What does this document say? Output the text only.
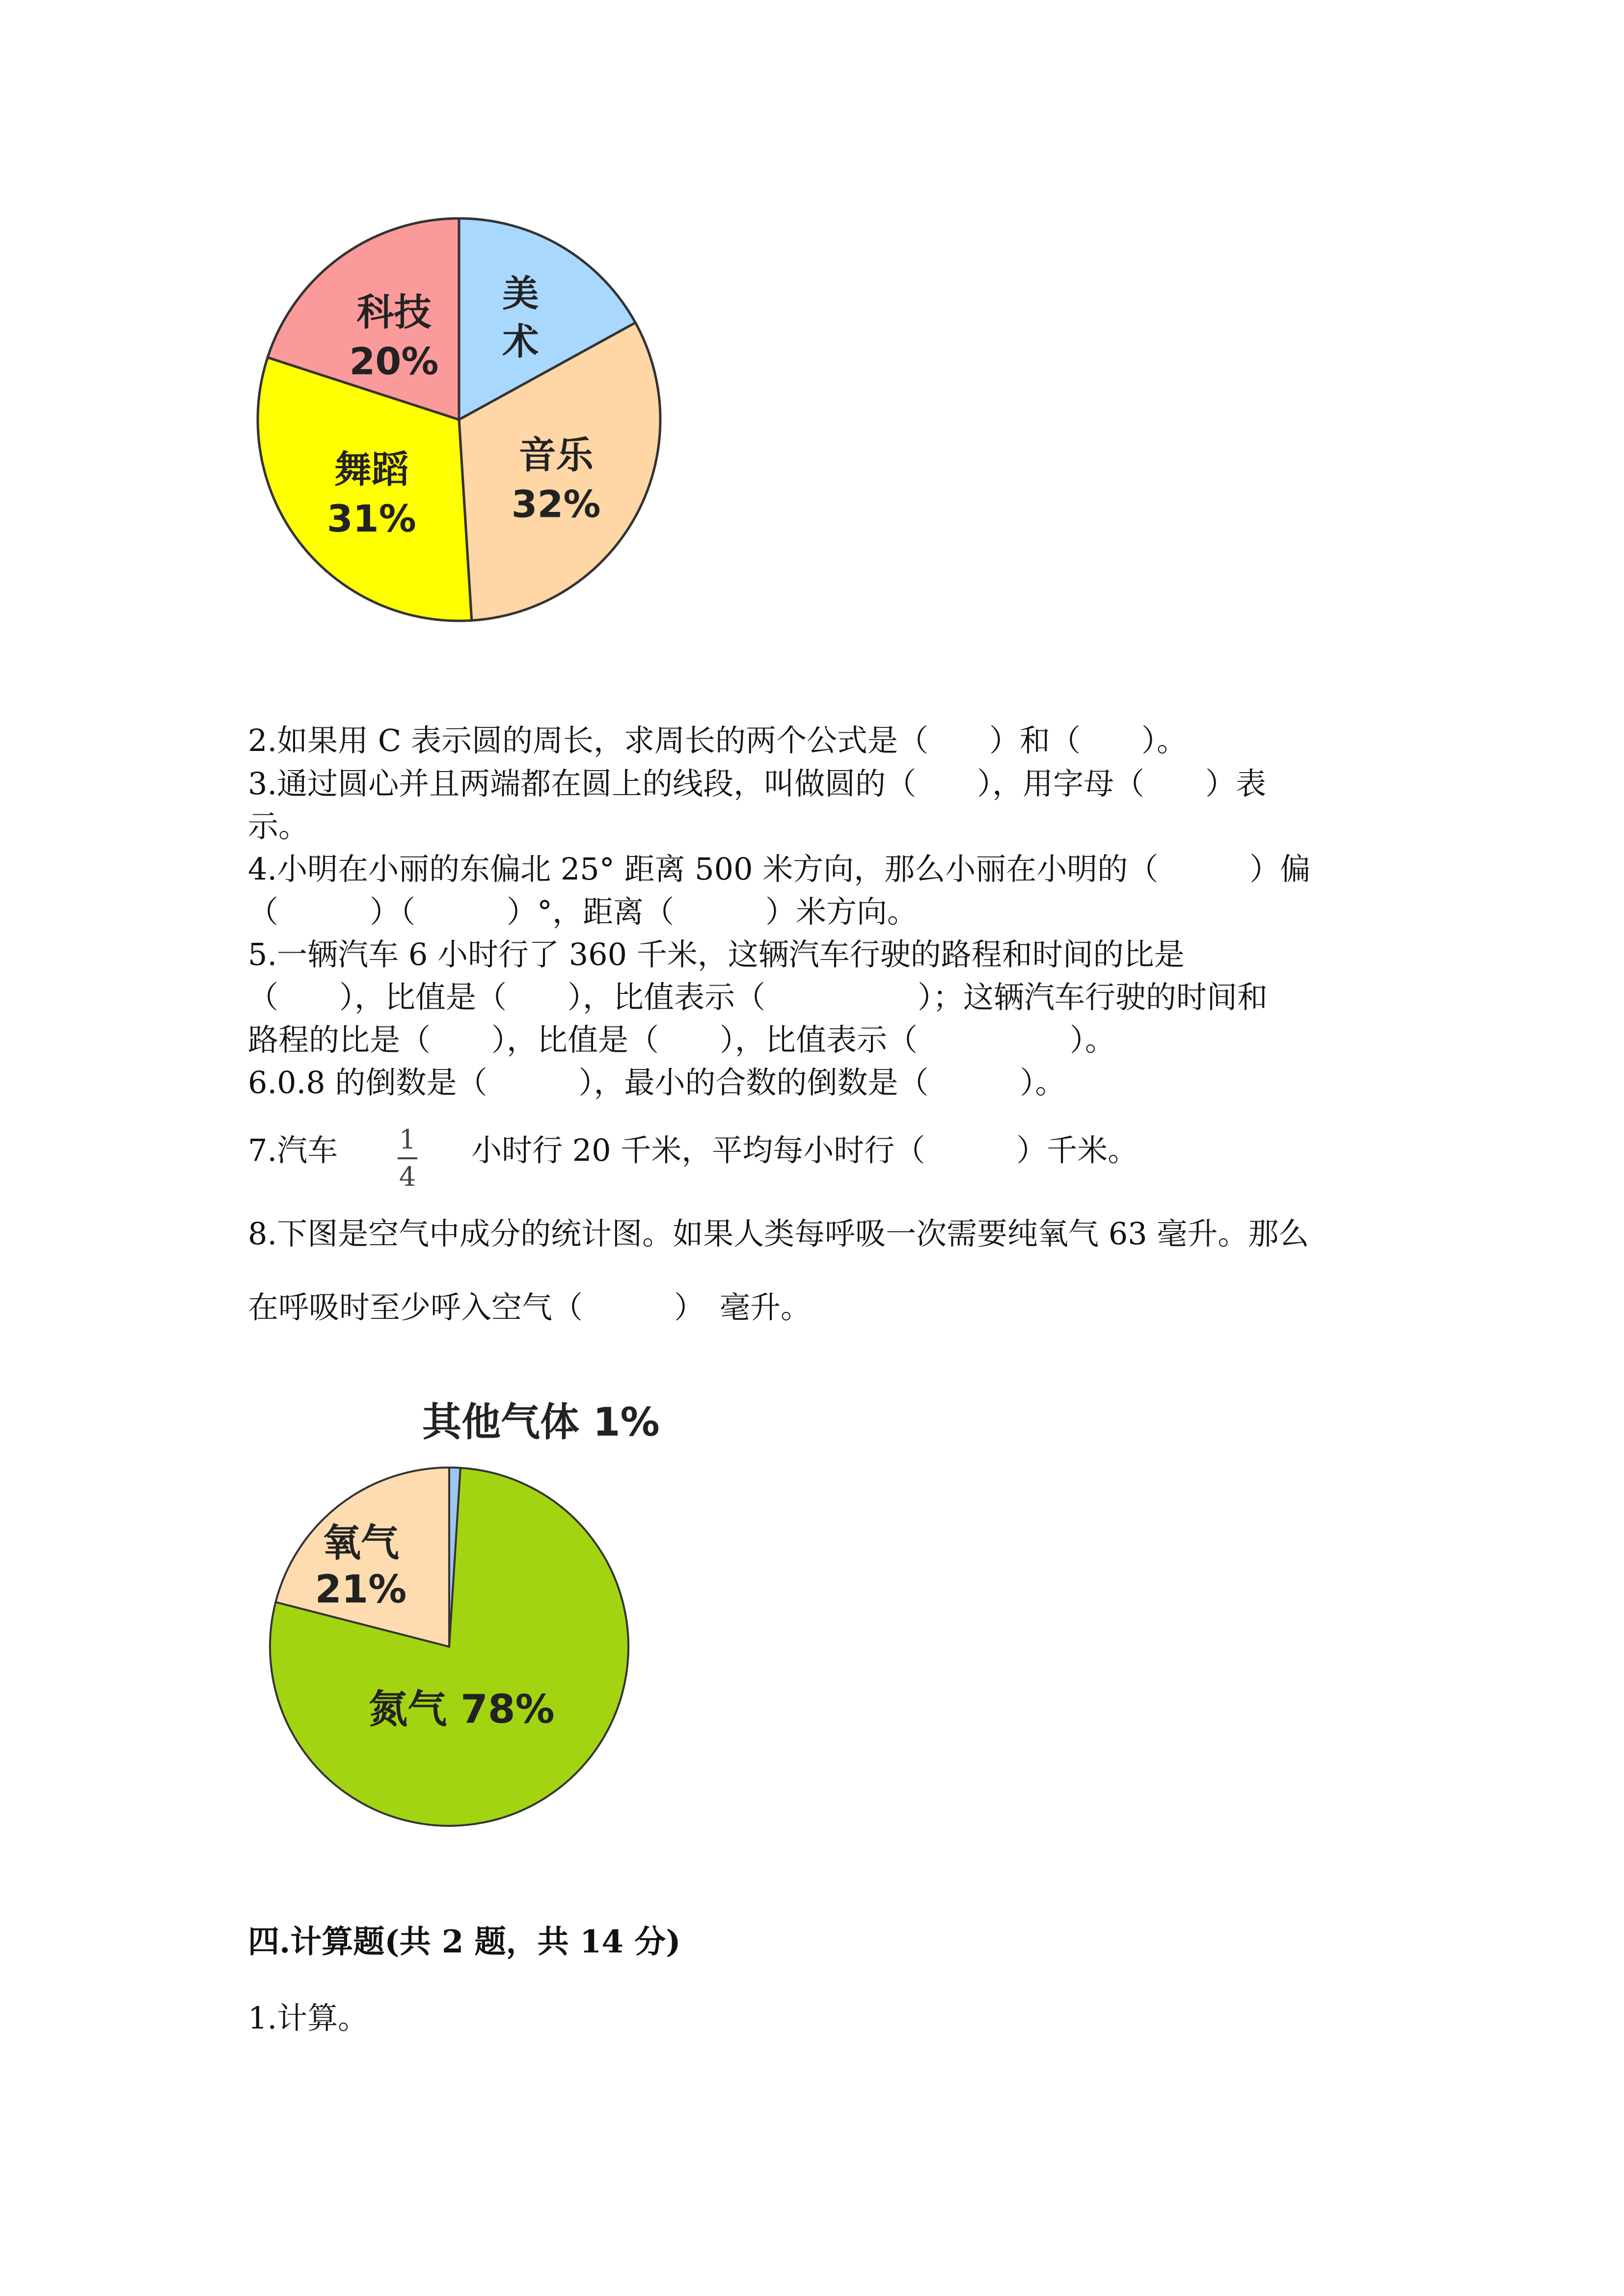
美
术
音乐
32%
舞蹈
31%
科技
20%
2.如果用 C 表示圆的周长，求周长的两个公式是（　　）和（　　）。
3.通过圆心并且两端都在圆上的线段，叫做圆的（　　），用字母（　　）表
示。
4.小明在小丽的东偏北 25° 距离 500 米方向，那么小丽在小明的（　　　）偏
（　　　）（　　　）°，距离（　　　）米方向。
5.一辆汽车 6 小时行了 360 千米，这辆汽车行驶的路程和时间的比是
（　　），比值是（　　），比值表示（　　　　　）；这辆汽车行驶的时间和
路程的比是（　　），比值是（　　），比值表示（　　　　　）。
6.0.8 的倒数是（　　　），最小的合数的倒数是（　　　）。
7.汽车	1
4
小时行 20 千米，平均每小时行（　　　）千米。
8.下图是空气中成分的统计图。如果人类每呼吸一次需要纯氧气 63 毫升。那么
在呼吸时至少呼入空气（　　　）　毫升。
其他气体 1%
氧气
21%
氮气 78%
四.计算题(共 2 题，共 14 分)
1.计算。
